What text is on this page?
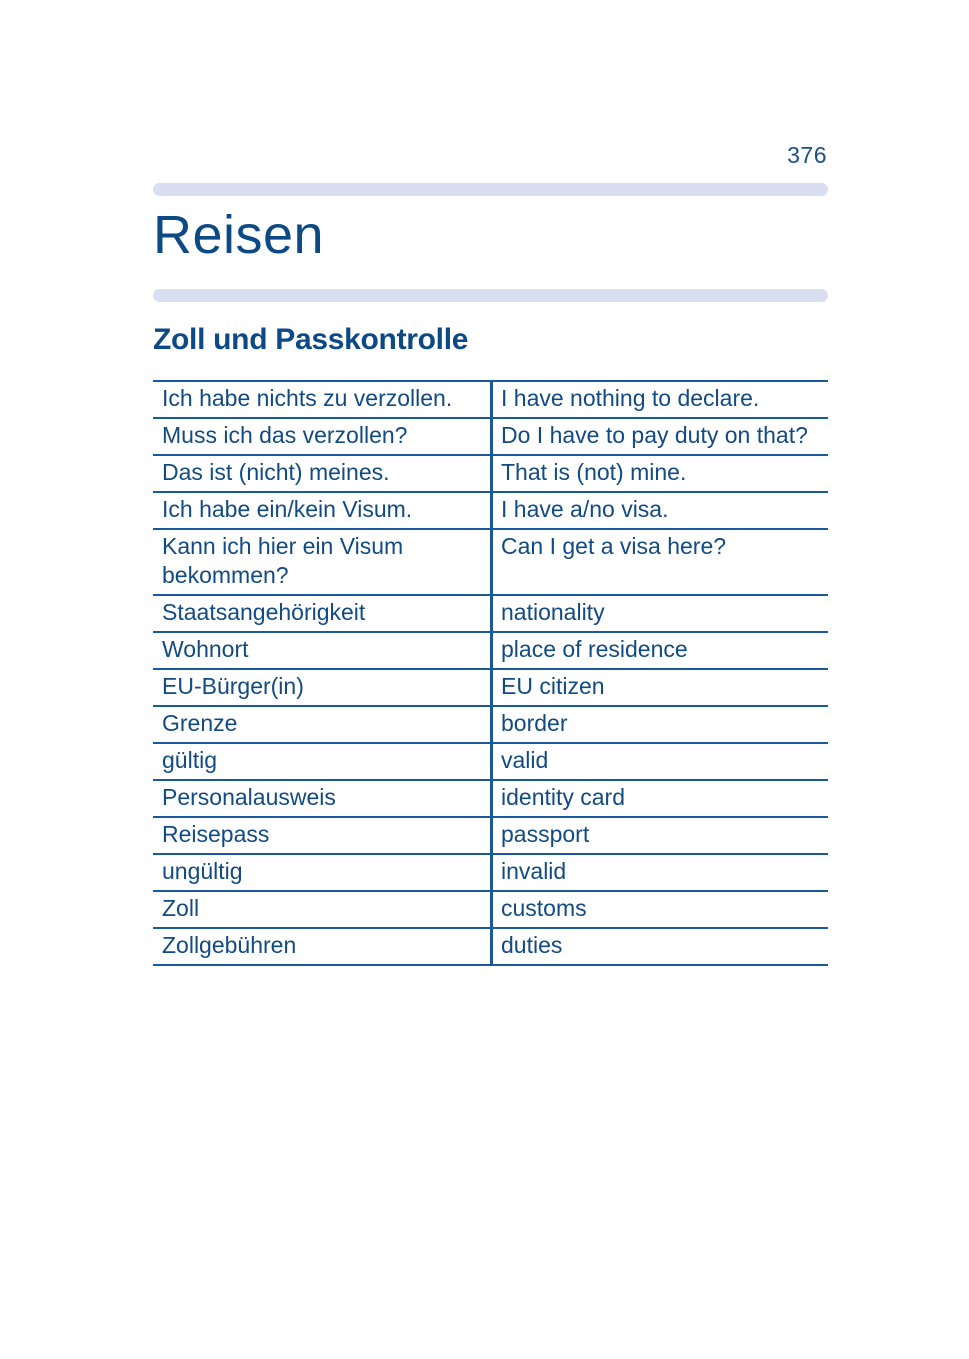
376
Reisen
Zoll und Passkontrolle
Ich habe nichts zu verzollen.	I have nothing to declare.
Muss ich das verzollen?	Do I have to pay duty on that?
Das ist (nicht) meines.	That is (not) mine.
Ich habe ein/kein Visum.	I have a/no visa.
Kann ich hier ein Visum bekommen?	Can I get a visa here?
Staatsangehörigkeit	nationality
Wohnort	place of residence
EU-Bürger(in)	EU citizen
Grenze	border
gültig	valid
Personalausweis	identity card
Reisepass	passport
ungültig	invalid
Zoll	customs
Zollgebühren	duties
